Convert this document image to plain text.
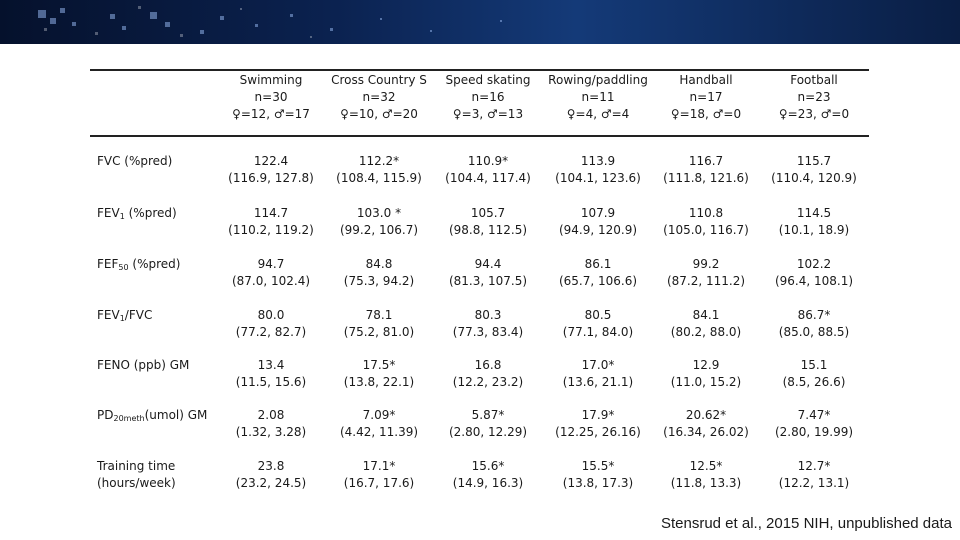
Swimming
n=30
♀=12, ♂=17
Cross Country S
n=32
♀=10, ♂=20
Speed skating
n=16
♀=3, ♂=13
Rowing/paddling
n=11
♀=4, ♂=4
Handball
n=17
♀=18, ♂=0
Football
n=23
♀=23, ♂=0
FVC (%pred)
$FEV_1$ (%pred)
$FEF_{50}$ (%pred)
$FEV_1$/FVC
FENO (ppb) GM
$PD_{20meth}(umol)$ GM
Training time
(hours/week)
122.4
(116.9, 127.8)
112.2*
(108.4, 115.9)
110.9*
(104.4, 117.4)
113.9
(104.1, 123.6)
116.7
(111.8, 121.6)
115.7
(110.4, 120.9)
114.7
(110.2, 119.2)
103.0 *
(99.2, 106.7)
105.7
(98.8, 112.5)
107.9
(94.9, 120.9)
110.8
(105.0, 116.7)
114.5
(10.1, 18.9)
94.7
(87.0, 102.4)
84.8
(75.3, 94.2)
94.4
(81.3, 107.5)
86.1
(65.7, 106.6)
99.2
(87.2, 111.2)
102.2
(96.4, 108.1)
80.0
(77.2, 82.7)
78.1
(75.2, 81.0)
80.3
(77.3, 83.4)
80.5
(77.1, 84.0)
84.1
(80.2, 88.0)
86.7*
(85.0, 88.5)
13.4
(11.5, 15.6)
17.5*
(13.8, 22.1)
16.8
(12.2, 23.2)
17.0*
(13.6, 21.1)
12.9
(11.0, 15.2)
15.1
(8.5, 26.6)
2.08
(1.32, 3.28)
7.09*
(4.42, 11.39)
5.87*
(2.80, 12.29)
17.9*
(12.25, 26.16)
20.62*
(16.34, 26.02)
7.47*
(2.80, 19.99)
23.8
(23.2, 24.5)
17.1*
(16.7, 17.6)
15.6*
(14.9, 16.3)
15.5*
(13.8, 17.3)
12.5*
(11.8, 13.3)
12.7*
(12.2, 13.1)
Stensrud et al., 2015 NIH, unpublished data
